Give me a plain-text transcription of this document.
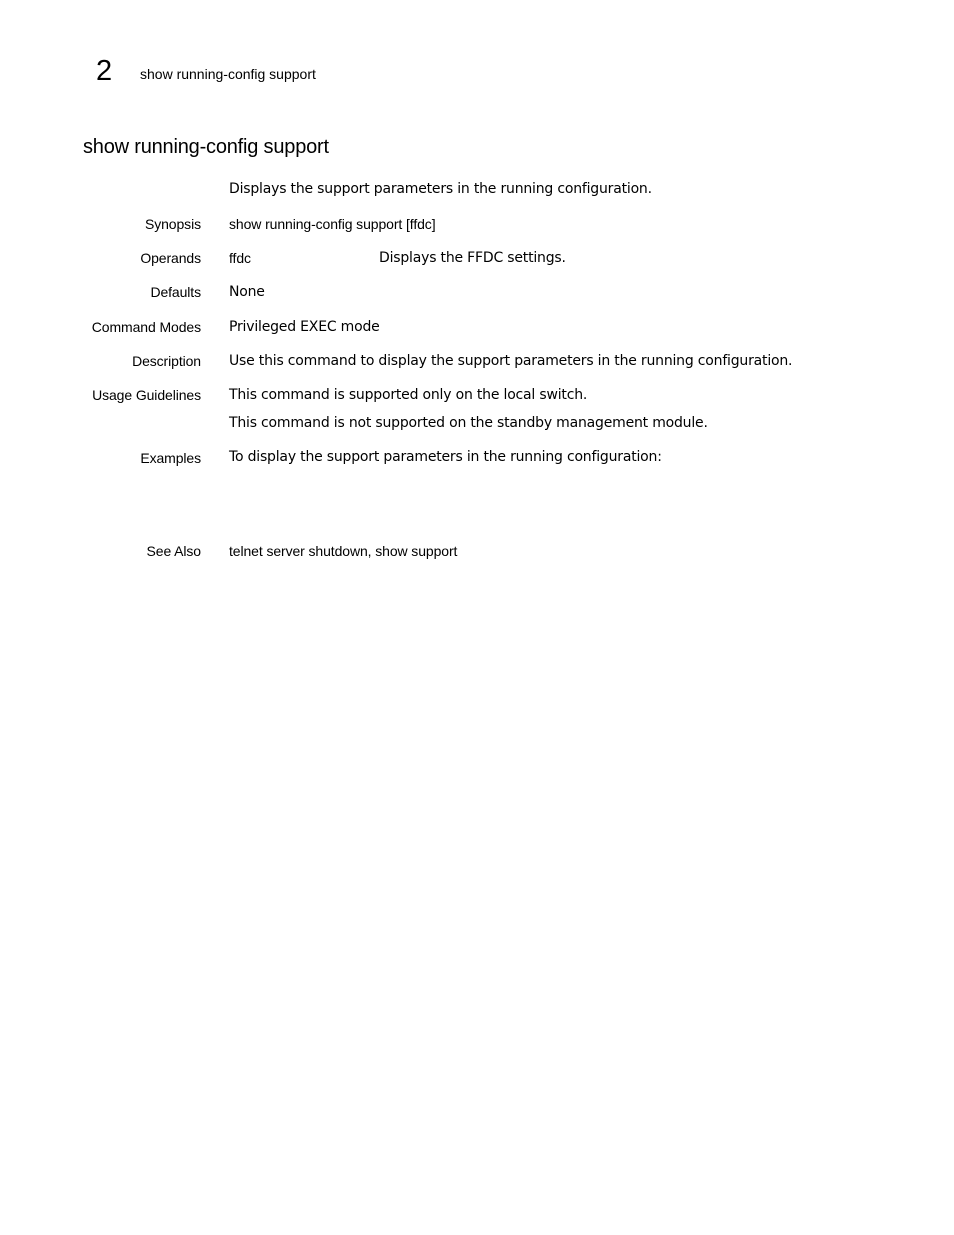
2 show running-config support
show running-config support
Displays the support parameters in the running configuration.
Synopsis show running-config support [ffdc]
Operands ffdc	Displays the FFDC settings.
Defaults None
Command Modes Privileged EXEC mode
Description Use this command to display the support parameters in the running configuration.
Usage Guidelines This command is supported only on the local switch.
This command is not supported on the standby management module.
Examples To display the support parameters in the running configuration:
See Also telnet server shutdown, show support
